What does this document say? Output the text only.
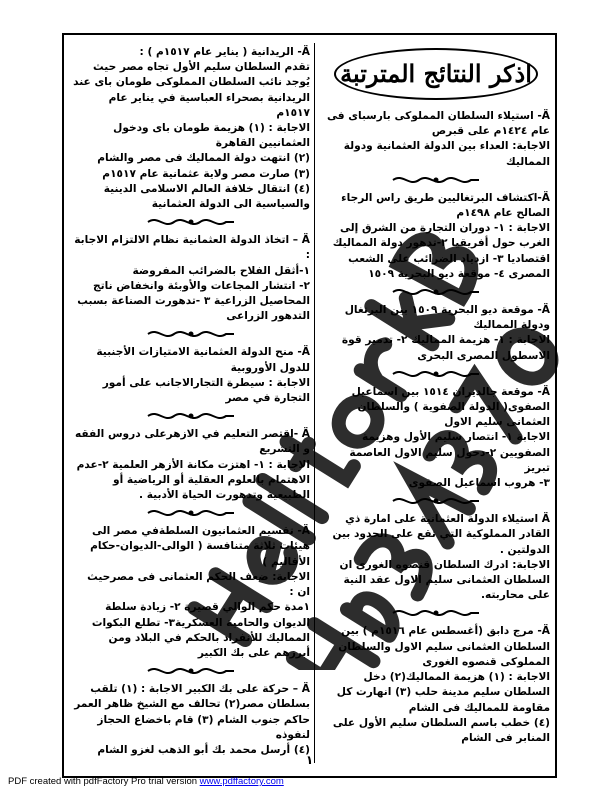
اذكر النتائج المترتبة

Ä- استيلاء السلطان المملوكى بارسباى فى عام ١٤٢٤م على قبرص

الاجابة: العداء بين الدولة العثمانية ودولة المماليك

Ä-اكتشاف البرتغاليين طريق راس الرجاء الصالح عام ١٤٩٨م

الاجابة : ١- دوران التجارة من الشرق إلى الغرب حول أفريقيا ٢-تدهور دولة المماليك اقتصاديا ٣- ازدياد الضرائب على الشعب المصرى ٤- موقعة ديو البحرية ١٥٠٩

Ä- موقعة ديو البحرية ١٥٠٩ بين البرتغال ودولة المماليك

الاجابة : ١- هزيمة المماليك ٢- تدمير قوة الاسطول المصرى البحرى

Ä- موقعة جالديران ١٥١٤ بين اسماعيل الصفوى( الدولة الصفوية ) والسلطان العثمانى سليم الاول

الاجابة ١- انتصار سليم الأول وهزيمة الصفويين ٢-دخول سليم الاول العاصمة تبريز

٣- هروب اسماعيل الصفوى

Ä استيلاء الدولة العثمانية على امارة ذي القادر المملوكية التي تقع على الحدود بين الدولتين .

الاجابة: ادرك السلطان قنصوه الغورى ان السلطان العثمانى سليم الاول عقد النية على محاربته.

Ä- مرج دابق (أغسطس عام ١٥١٦م ) بين السلطان العثمانى سليم الاول والسلطان المملوكى قنصوه الغورى

الاجابة : (١) هزيمة المماليك(٢) دخل السلطان سليم مدينة حلب (٣) انهارت كل مقاومة للمماليك فى الشام

(٤) خطب باسم السلطان سليم الأول على المنابر فى الشام

Ä- الريدانية ( يناير عام ١٥١٧م ) :

تقدم السلطان سليم الأول تجاه مصر حيث يُوجد نائب السلطان المملوكى طومان باى عند الريدانية بصحراء العباسية في يناير عام ١٥١٧م

الاجابة : (١) هزيمة طومان باى ودخول العثمانيين القاهرة

(٢) انتهت دولة المماليك فى مصر والشام

(٣) صارت مصر ولاية عثمانية عام ١٥١٧م

(٤) انتقال خلافة العالم الاسلامى الدينية والسياسية الى الدولة العثمانية

Ä – اتخاذ الدولة العثمانية نظام الالتزام الاجابة :

١-أثقل الفلاح بالضرائب المفروضة

٢- انتشار المجاعات والأوبئة وانخفاض ناتج المحاصيل الزراعية ٣ -تدهورت الصناعة بسبب التدهور الزراعى

Ä- منح الدولة العثمانية الامتيازات الأجنبية للدول الأوروبية

الاجابة : سيطرة التجارالاجانب على أمور التجارة في مصر

Ä -اقتصر التعليم في الازهرعلى دروس الفقه و التشريع

الاجابة : ١- اهتزت مكانة الأزهر العلمية ٢-عدم الاهتمام بالعلوم العقلية أو الرياضية أو الطبيعية وتدهورت الحياة الأدبية .

Ä- تقسيم العثمانيون السلطةفي مصر الى هيئات ثلاثة متنافسة ( الوالى-الديوان-حكام الأقاليم )

الاجابة: ضعف الحكم العثمانى فى مصرحيث ان :

١مدة حكم الوالي قصيرة ٢- زيادة سلطة الديوان والحامية العسكرية٣- تطلع البكوات المماليك للأنفراد بالحكم في البلاد ومن أبرزهم على بك الكبير

Ä – حركة على بك الكبير الاجابة : (١) تلقب بسلطان مصر(٢) تحالف مع الشيخ ظاهر العمر حاكم جنوب الشام (٣) قام باخضاع الحجاز لنفوذه

(٤) أرسل محمد بك أبو الذهب لغزو الشام

١
PDF created with pdfFactory Pro trial version www.pdffactory.com
